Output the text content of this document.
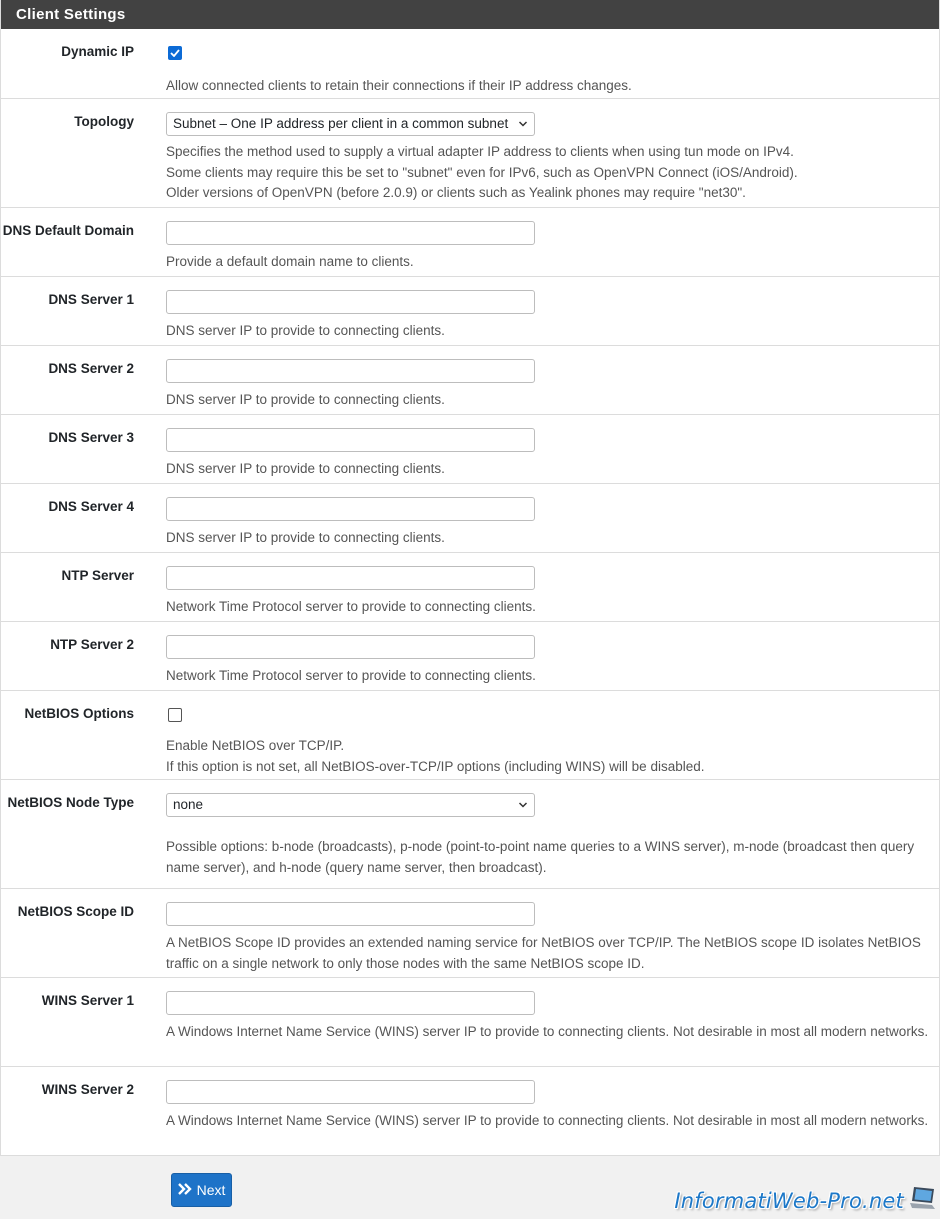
Client Settings
Dynamic IP
Allow connected clients to retain their connections if their IP address changes.
Topology	Subnet – One IP address per client in a common subnet
Specifies the method used to supply a virtual adapter IP address to clients when using tun mode on IPv4.
Some clients may require this be set to "subnet" even for IPv6, such as OpenVPN Connect (iOS/Android).
Older versions of OpenVPN (before 2.0.9) or clients such as Yealink phones may require "net30".
DNS Default Domain
Provide a default domain name to clients.
DNS Server 1
DNS server IP to provide to connecting clients.
DNS Server 2
DNS server IP to provide to connecting clients.
DNS Server 3
DNS server IP to provide to connecting clients.
DNS Server 4
DNS server IP to provide to connecting clients.
NTP Server
Network Time Protocol server to provide to connecting clients.
NTP Server 2
Network Time Protocol server to provide to connecting clients.
NetBIOS Options
Enable NetBIOS over TCP/IP.
If this option is not set, all NetBIOS-over-TCP/IP options (including WINS) will be disabled.
NetBIOS Node Type	none
Possible options: b-node (broadcasts), p-node (point-to-point name queries to a WINS server), m-node (broadcast then query name server), and h-node (query name server, then broadcast).
NetBIOS Scope ID
A NetBIOS Scope ID provides an extended naming service for NetBIOS over TCP/IP. The NetBIOS scope ID isolates NetBIOS traffic on a single network to only those nodes with the same NetBIOS scope ID.
WINS Server 1
A Windows Internet Name Service (WINS) server IP to provide to connecting clients. Not desirable in most all modern networks.
WINS Server 2
A Windows Internet Name Service (WINS) server IP to provide to connecting clients. Not desirable in most all modern networks.
Next	InformatiWeb-Pro.net
